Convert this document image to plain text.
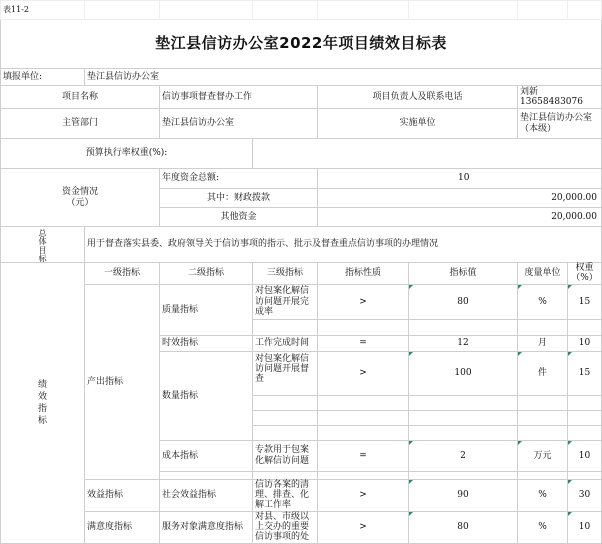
表11-2							
垫江县信访办公室2022年项目绩效目标表							
填报单位:	垫江县信访办公室						
项目名称		信访事项督查督办工作		项目负责人及联系电话		刘新13658483076	
主管部门		垫江县信访办公室		实施单位		垫江县信访办公室（本级）	
预算执行率权重(%):							

资金情况
（元）		年度资金总额:		10			
		其中：财政拨款		20,000.00			
		其他资金		20,000.00			

总
体
目
标	用于督查落实县委、政府领导关于信访事项的指示、批示及督查重点信访事项的办理情况						

绩
效
指
标	一级指标	二级指标	三级指标	指标性质	指标值	度量单位	权重（%）
	产出指标	质量指标	对包案化解信访问题开展完成率	>	80	%	15

		时效指标	工作完成时间	=	12	月	10
		数量指标	对包案化解信访问题开展督查	>	100	件	15

		成本指标	专款用于包案化解信访问题	=	2	万元	10

	效益指标	社会效益指标	信访各案的清理、排查、化解工作率	>	90	%	30
	满意度指标	服务对象满意度指标	对县、市级以上交办的重要信访事项的处	>	80	%	10
